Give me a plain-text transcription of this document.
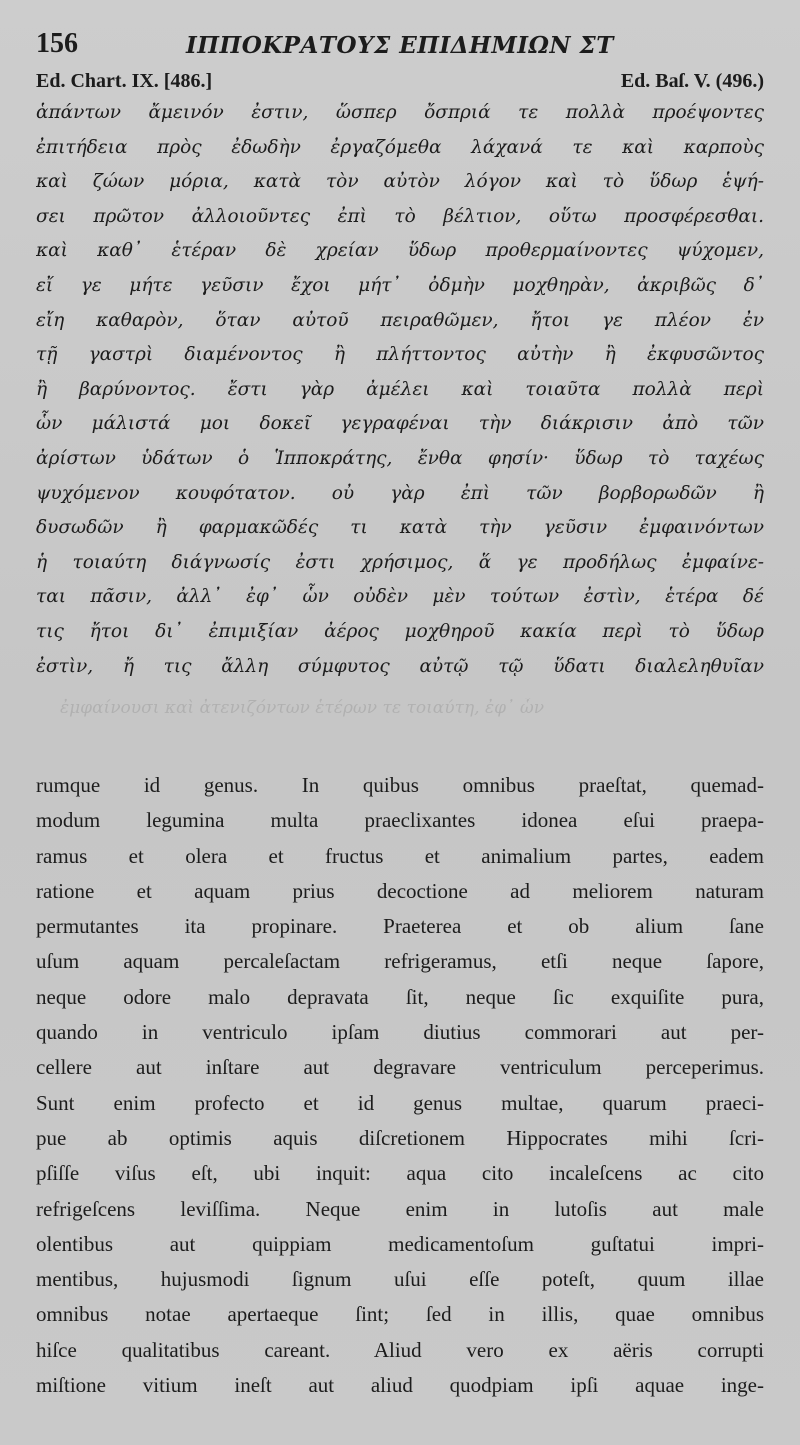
156	ΙΠΠΟΚΡΑΤΟΥΣ ΕΠΙΔΗΜΙΩΝ ΣΤ
Ed. Chart. IX. [486.]	Ed. Baſ. V. (496.)
ἁπάντων ἄμεινόν ἐστιν, ὥσπερ ὄσπριά τε πολλὰ προέψοντες
ἐπιτήδεια πρὸς ἐδωδὴν ἐργαζόμεθα λάχανά τε καὶ καρποὺς
καὶ ζώων μόρια, κατὰ τὸν αὐτὸν λόγον καὶ τὸ ὕδωρ ἑψή-
σει πρῶτον ἀλλοιοῦντες ἐπὶ τὸ βέλτιον, οὕτω προσφέρεσθαι.
καὶ καθ᾽ ἑτέραν δὲ χρείαν ὕδωρ προθερμαίνοντες ψύχομεν,
εἴ γε μήτε γεῦσιν ἔχοι μήτ᾽ ὀδμὴν μοχθηρὰν, ἀκριβῶς δ᾽
εἴη καθαρὸν, ὅταν αὐτοῦ πειραθῶμεν, ἤτοι γε πλέον ἐν
τῇ γαστρὶ διαμένοντος ἢ πλήττοντος αὐτὴν ἢ ἐκφυσῶντος
ἢ βαρύνοντος. ἔστι γὰρ ἀμέλει καὶ τοιαῦτα πολλὰ περὶ
ὧν μάλιστά μοι δοκεῖ γεγραφέναι τὴν διάκρισιν ἀπὸ τῶν
ἀρίστων ὑδάτων ὁ Ἱπποκράτης, ἔνθα φησίν· ὕδωρ τὸ ταχέως
ψυχόμενον κουφότατον. οὐ γὰρ ἐπὶ τῶν βορβορωδῶν ἢ
δυσωδῶν ἢ φαρμακῶδές τι κατὰ τὴν γεῦσιν ἐμφαινόντων
ἡ τοιαύτη διάγνωσίς ἐστι χρήσιμος, ἅ γε προδήλως ἐμφαίνε-
ται πᾶσιν, ἀλλ᾽ ἐφ᾽ ὧν οὐδὲν μὲν τούτων ἐστὶν, ἑτέρα δέ
τις ἤτοι δι᾽ ἐπιμιξίαν ἀέρος μοχθηροῦ κακία περὶ τὸ ὕδωρ
ἐστὶν, ἤ τις ἄλλη σύμφυτος αὐτῷ τῷ ὕδατι διαλεληθυῖαν
ἐμφαίνουσι καὶ ἀτενιζόντων ἑτέρων τε τοιαύτη, ἐφ᾽ ὧν
rumque id genus. In quibus omnibus praeſtat, quemad-
modum legumina multa praeclixantes idonea eſui praepa-
ramus et olera et fructus et animalium partes, eadem
ratione et aquam prius decoctione ad meliorem naturam
permutantes ita propinare. Praeterea et ob alium ſane
uſum aquam percaleſactam refrigeramus, etſi neque ſapore,
neque odore malo depravata ſit, neque ſic exquiſite pura,
quando in ventriculo ipſam diutius commorari aut per-
cellere aut inſtare aut degravare ventriculum perceperimus.
Sunt enim profecto et id genus multae, quarum praeci-
pue ab optimis aquis diſcretionem Hippocrates mihi ſcri-
pſiſſe viſus eſt, ubi inquit: aqua cito incaleſcens ac cito
refrigeſcens leviſſima. Neque enim in lutoſis aut male
olentibus aut quippiam medicamentoſum guſtatui impri-
mentibus, hujusmodi ſignum uſui eſſe poteſt, quum illae
omnibus notae apertaeque ſint; ſed in illis, quae omnibus
hiſce qualitatibus careant. Aliud vero ex aëris corrupti
miſtione vitium ineſt aut aliud quodpiam ipſi aquae inge-
